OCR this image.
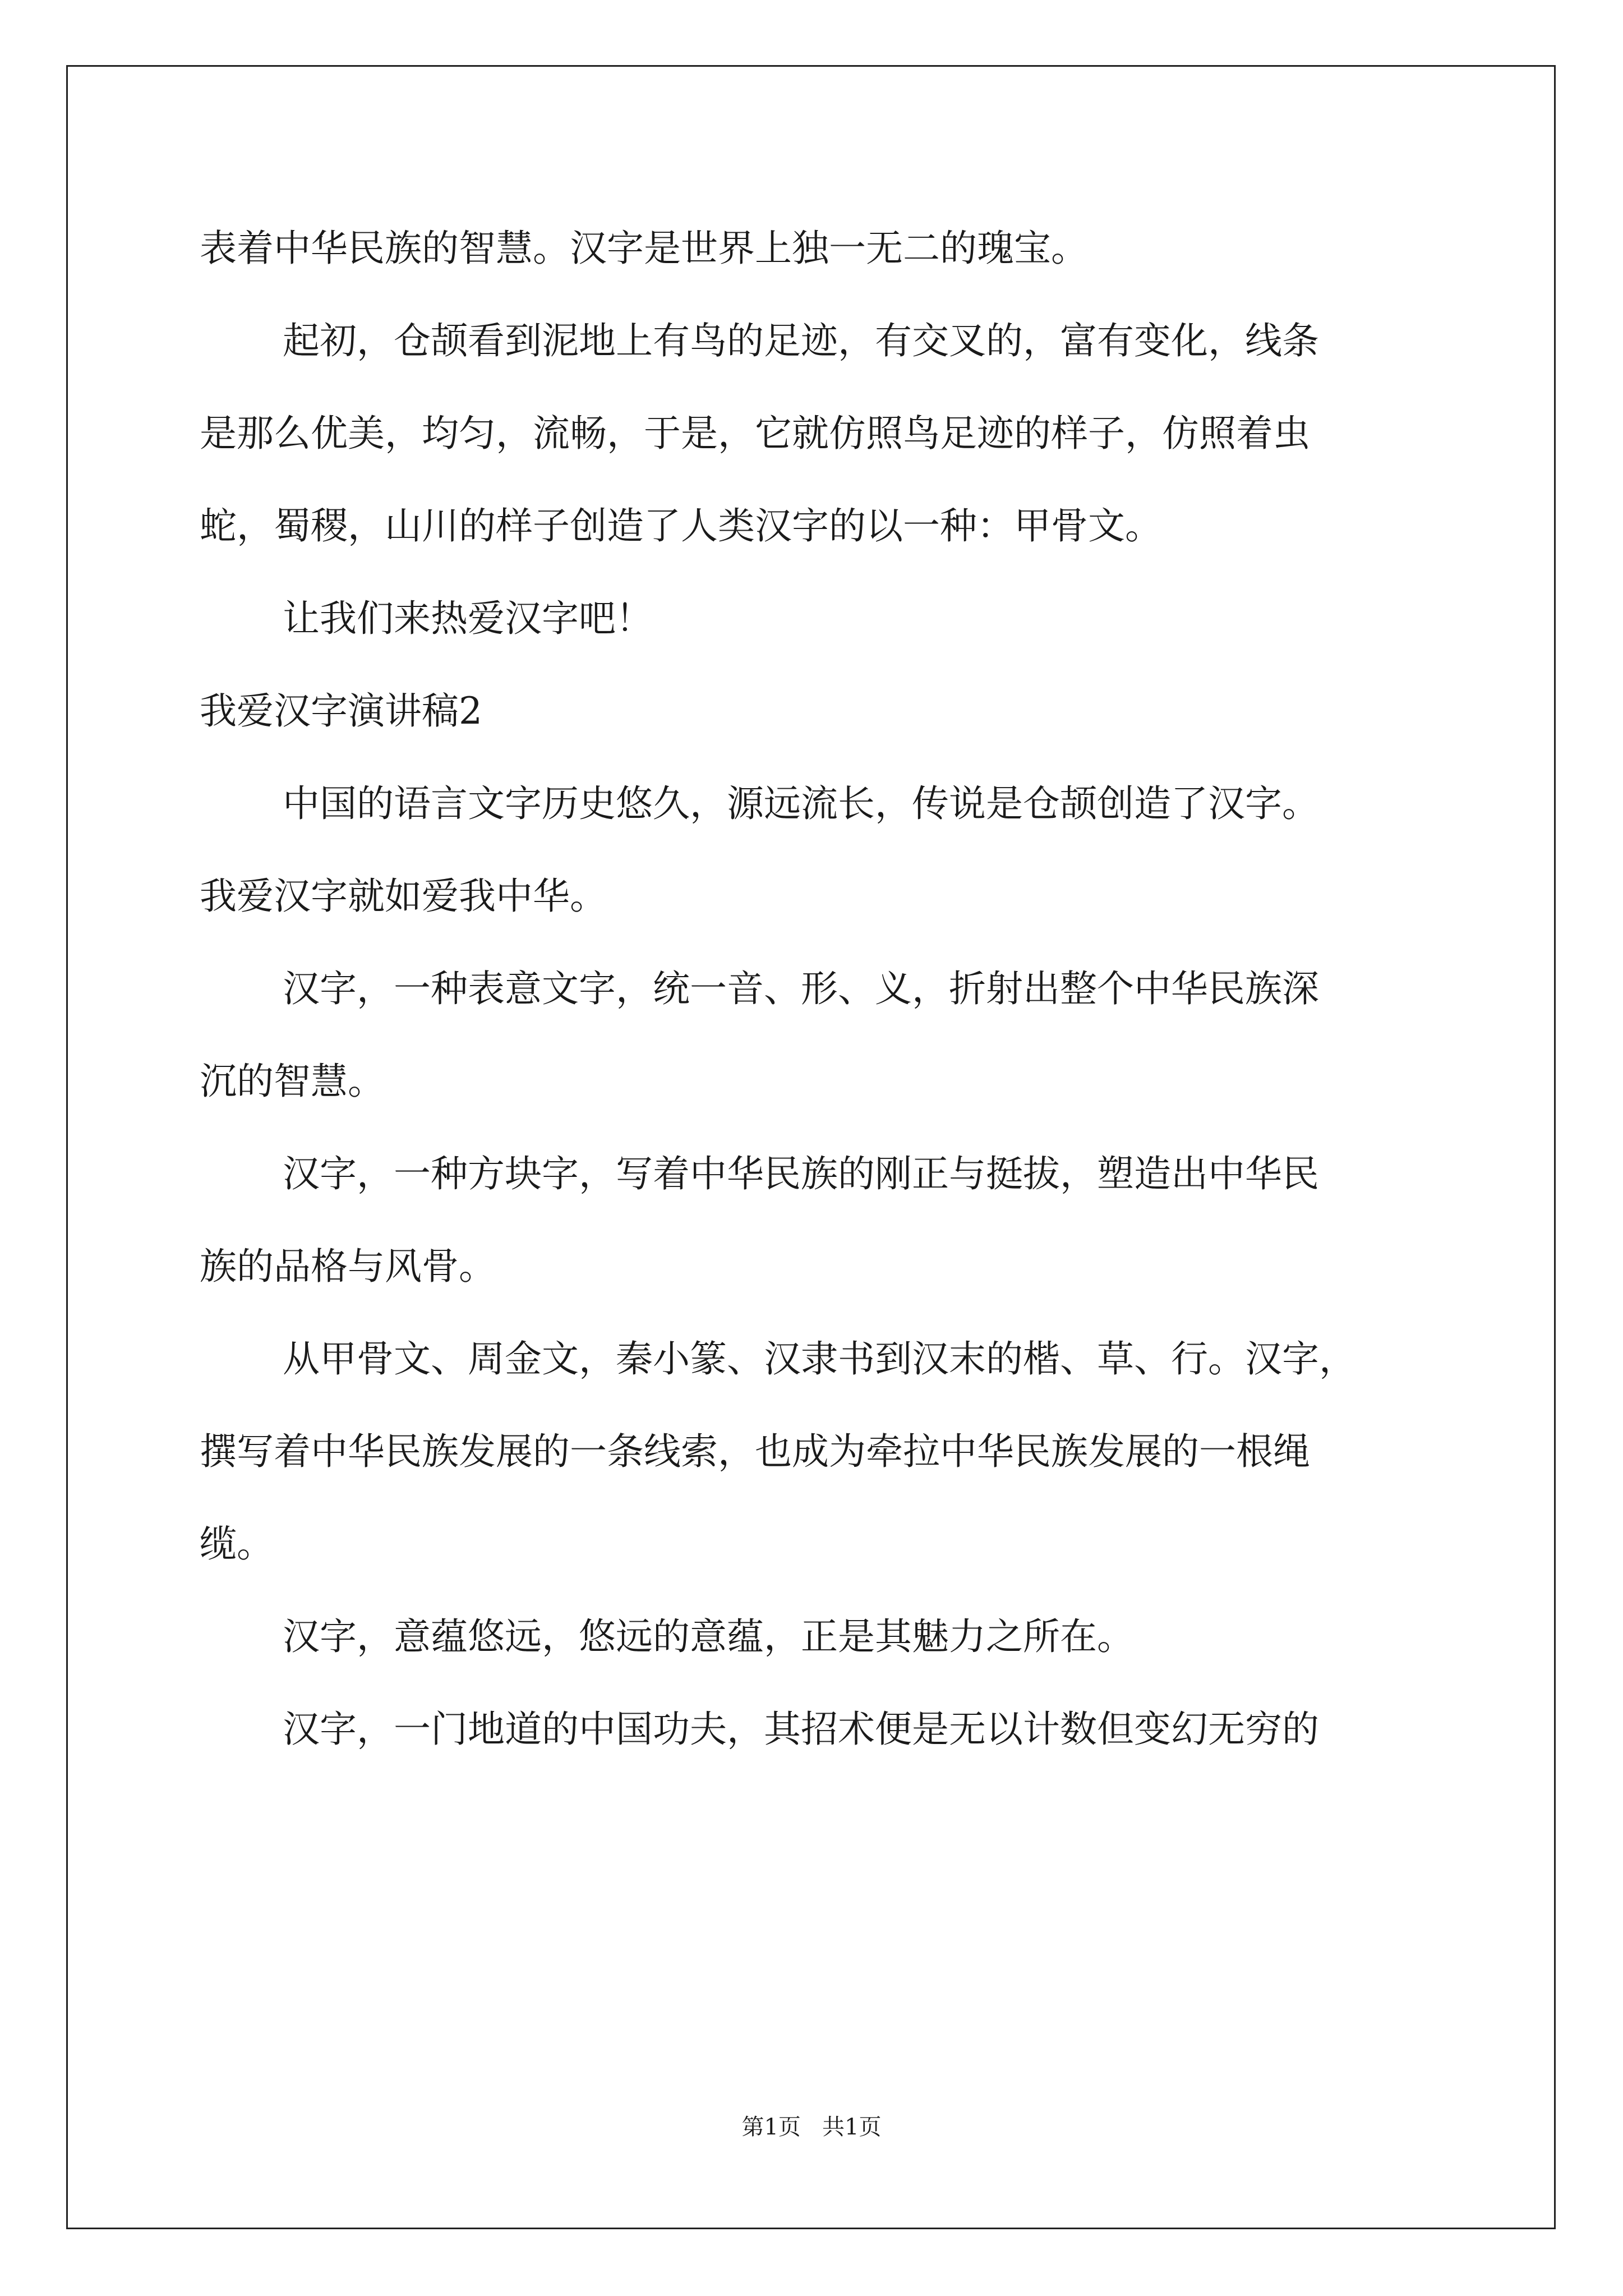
表着中华民族的智慧。汉字是世界上独一无二的瑰宝。
起初，仓颉看到泥地上有鸟的足迹，有交叉的，富有变化，线条
是那么优美，均匀，流畅，于是，它就仿照鸟足迹的样子，仿照着虫
蛇，蜀稷，山川的样子创造了人类汉字的以一种：甲骨文。
让我们来热爱汉字吧！
我爱汉字演讲稿2
中国的语言文字历史悠久，源远流长，传说是仓颉创造了汉字。
我爱汉字就如爱我中华。
汉字，一种表意文字，统一音、形、义，折射出整个中华民族深
沉的智慧。
汉字，一种方块字，写着中华民族的刚正与挺拔，塑造出中华民
族的品格与风骨。
从甲骨文、周金文，秦小篆、汉隶书到汉末的楷、草、行。汉字，
撰写着中华民族发展的一条线索，也成为牵拉中华民族发展的一根绳
缆。
汉字，意蕴悠远，悠远的意蕴，正是其魅力之所在。
汉字，一门地道的中国功夫，其招术便是无以计数但变幻无穷的
第1页   共1页
